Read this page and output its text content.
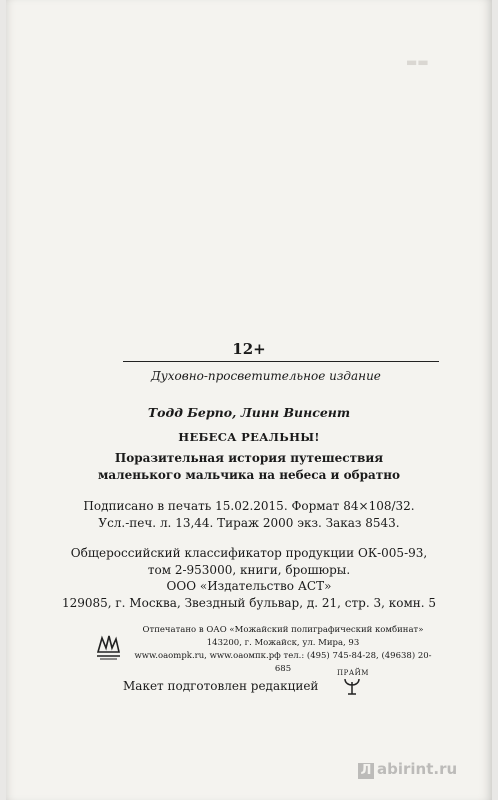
▬▬
12+
Духовно-просветительное издание
Тодд Берпо, Линн Винсент
НЕБЕСА РЕАЛЬНЫ!
Поразительная история путешествия
маленького мальчика на небеса и обратно
Подписано в печать 15.02.2015. Формат 84×108/32.
Усл.-печ. л. 13,44. Тираж 2000 экз. Заказ 8543.
Общероссийский классификатор продукции ОК-005-93,
том 2-953000, книги, брошюры.
ООО «Издательство АСТ»
129085, г. Москва, Звездный бульвар, д. 21, стр. 3, комн. 5
Отпечатано в ОАО «Можайский полиграфический комбинат»
143200, г. Можайск, ул. Мира, 93
www.oaompk.ru, www.оаомпк.рф тел.: (495) 745-84-28, (49638) 20-685
Макет подготовлен редакцией
ПРАЙМ
Л abirint.ru
